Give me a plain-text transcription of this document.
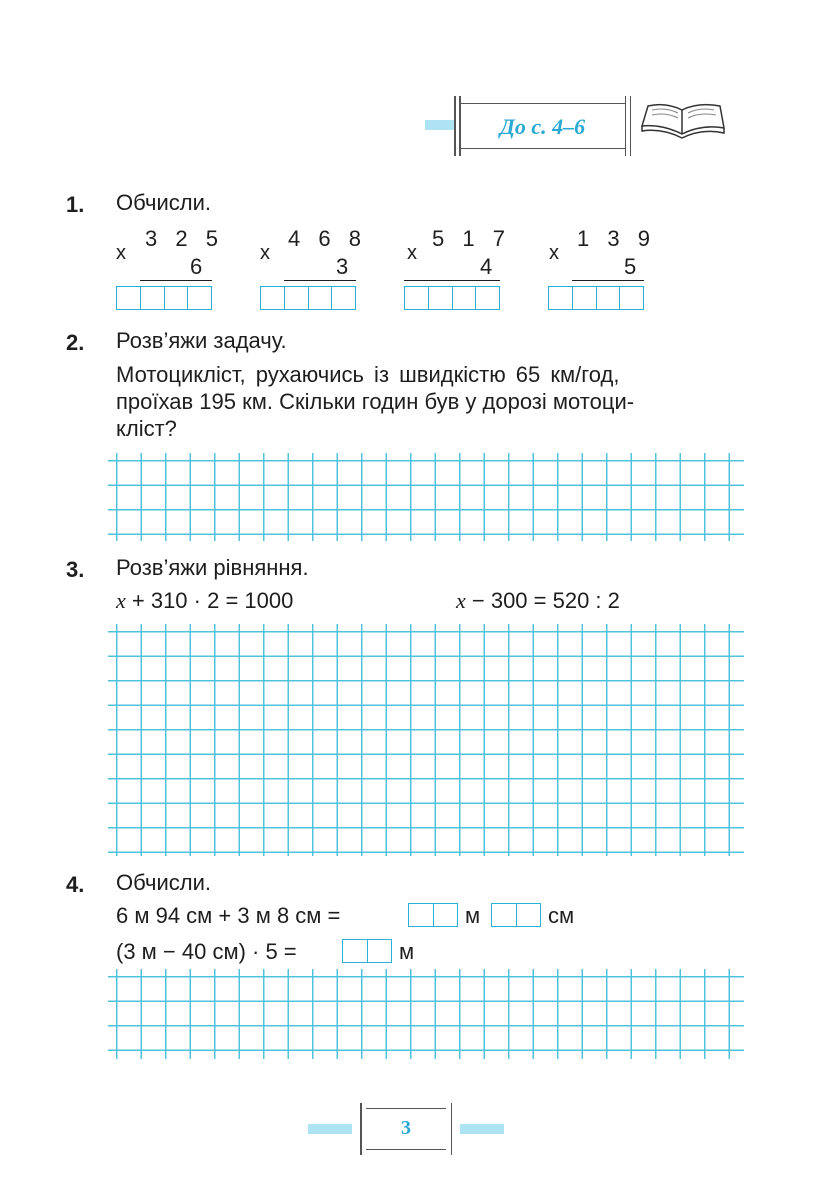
До с. 4–6
1. Обчисли.
x
3 2 5
6
x
4 6 8
3
x
5 1 7
4
x
1 3 9
5
2. Розв’яжи задачу.
Мотоцикліст, рухаючись із швидкістю 65 км/год,
проїхав 195 км. Скільки годин був у дорозі мотоци-
кліст?
3. Розв’яжи рівняння.
x + 310 · 2 = 1000	x − 300 = 520 : 2
4. Обчисли.
6 м 94 см + 3 м 8 см =	м	см
(3 м − 40 см) · 5 =	м
3
